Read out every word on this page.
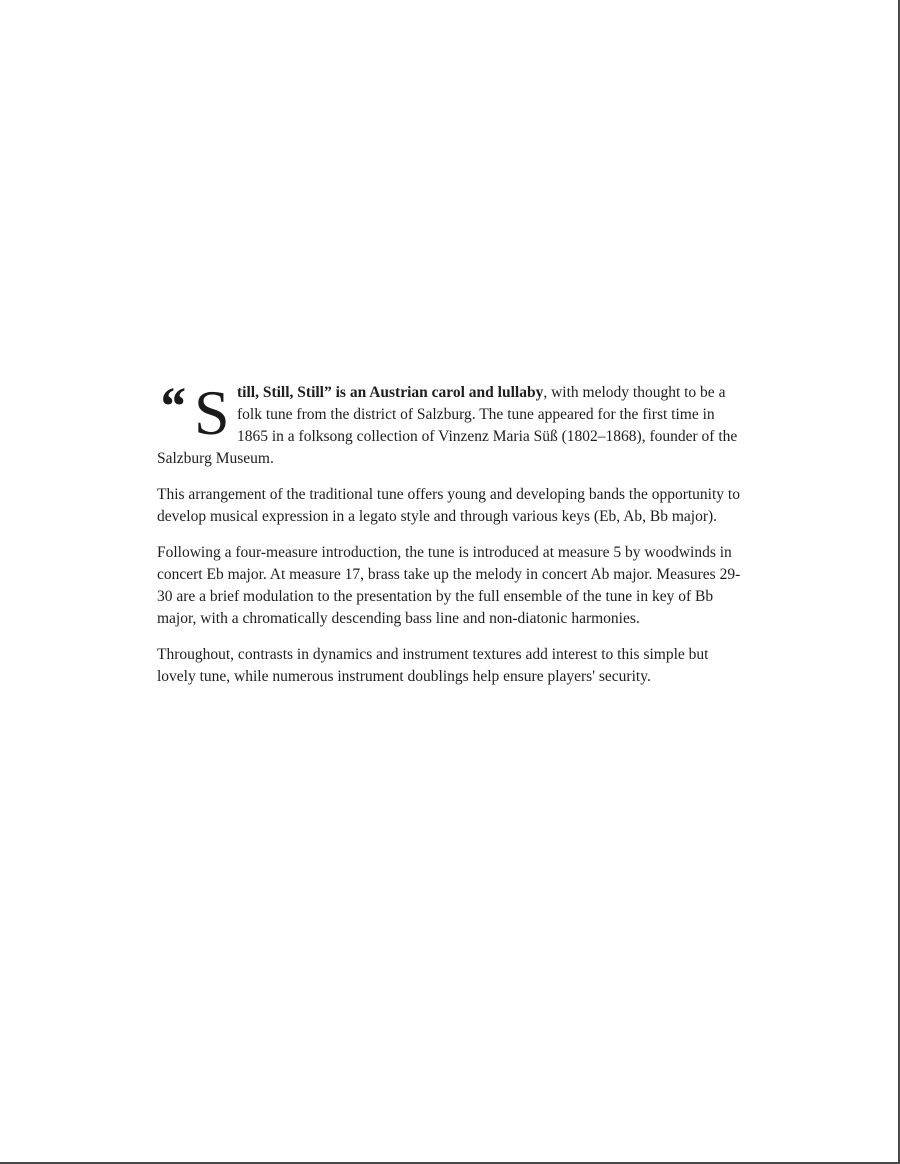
“ S till, Still, Still” is an Austrian carol and lullaby, with melody thought to be a folk tune from the district of Salzburg. The tune appeared for the first time in 1865 in a folksong collection of Vinzenz Maria Süß (1802–1868), founder of the Salzburg Museum.

This arrangement of the traditional tune offers young and developing bands the opportunity to develop musical expression in a legato style and through various keys (Eb, Ab, Bb major).

Following a four-measure introduction, the tune is introduced at measure 5 by woodwinds in concert Eb major. At measure 17, brass take up the melody in concert Ab major. Measures 29-30 are a brief modulation to the presentation by the full ensemble of the tune in key of Bb major, with a chromatically descending bass line and non-diatonic harmonies.

Throughout, contrasts in dynamics and instrument textures add interest to this simple but lovely tune, while numerous instrument doublings help ensure players' security.
